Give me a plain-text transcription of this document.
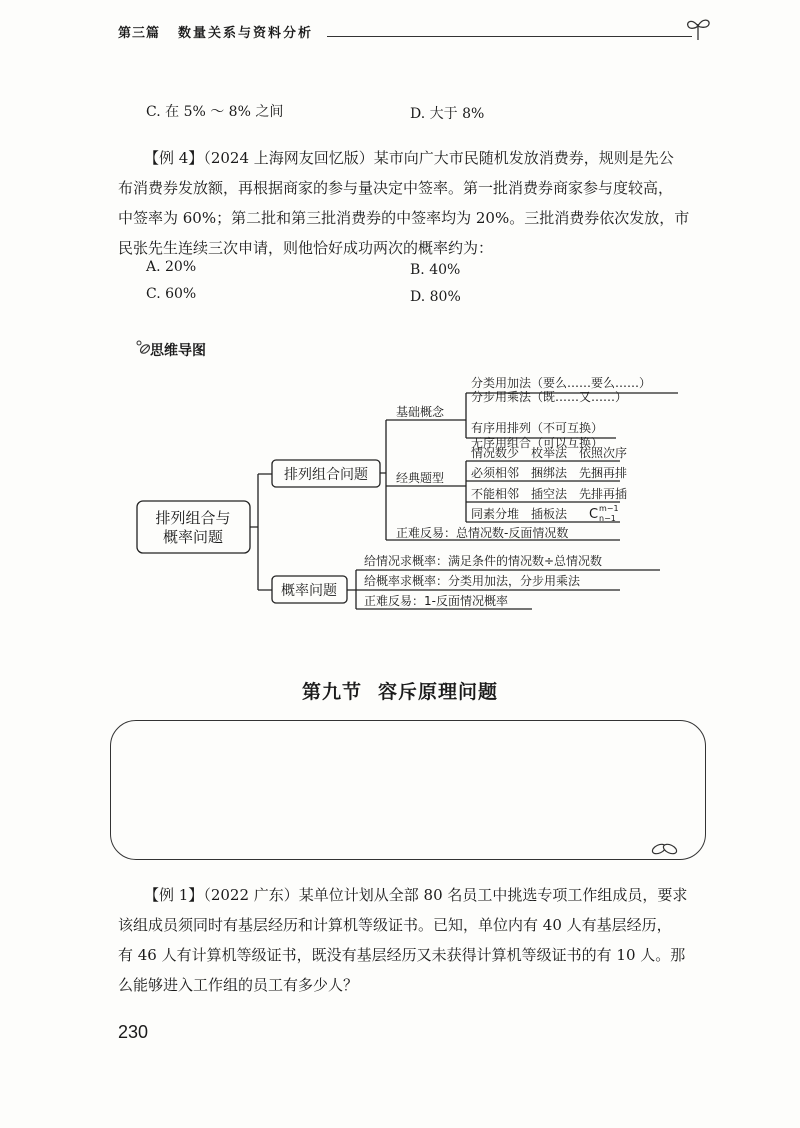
第三篇 数量关系与资料分析
C. 在 5% ～ 8% 之间	D. 大于 8%
【例 4】（2024 上海网友回忆版）某市向广大市民随机发放消费券，规则是先公
布消费券发放额，再根据商家的参与量决定中签率。第一批消费券商家参与度较高，
中签率为 60%；第二批和第三批消费券的中签率均为 20%。三批消费券依次发放，市
民张先生连续三次申请，则他恰好成功两次的概率约为：
A. 20%	B. 40%
C. 60%	D. 80%
思维导图
排列组合与
概率问题
排列组合问题
概率问题
基础概念
经典题型
分类用加法（要么……要么……）
分步用乘法（既……又……）
有序用排列（不可互换）
无序用组合（可以互换）
情况数少　枚举法　依照次序
必须相邻　捆绑法　先捆再排
不能相邻　插空法　先排再插
同素分堆　插板法 C m−1
n−1
正难反易：总情况数-反面情况数
给情况求概率：满足条件的情况数÷总情况数
给概率求概率：分类用加法，分步用乘法
正难反易：1-反面情况概率
第九节 容斥原理问题
【例 1】（2022 广东）某单位计划从全部 80 名员工中挑选专项工作组成员，要求
该组成员须同时有基层经历和计算机等级证书。已知，单位内有 40 人有基层经历，
有 46 人有计算机等级证书，既没有基层经历又未获得计算机等级证书的有 10 人。那
么能够进入工作组的员工有多少人？
230
